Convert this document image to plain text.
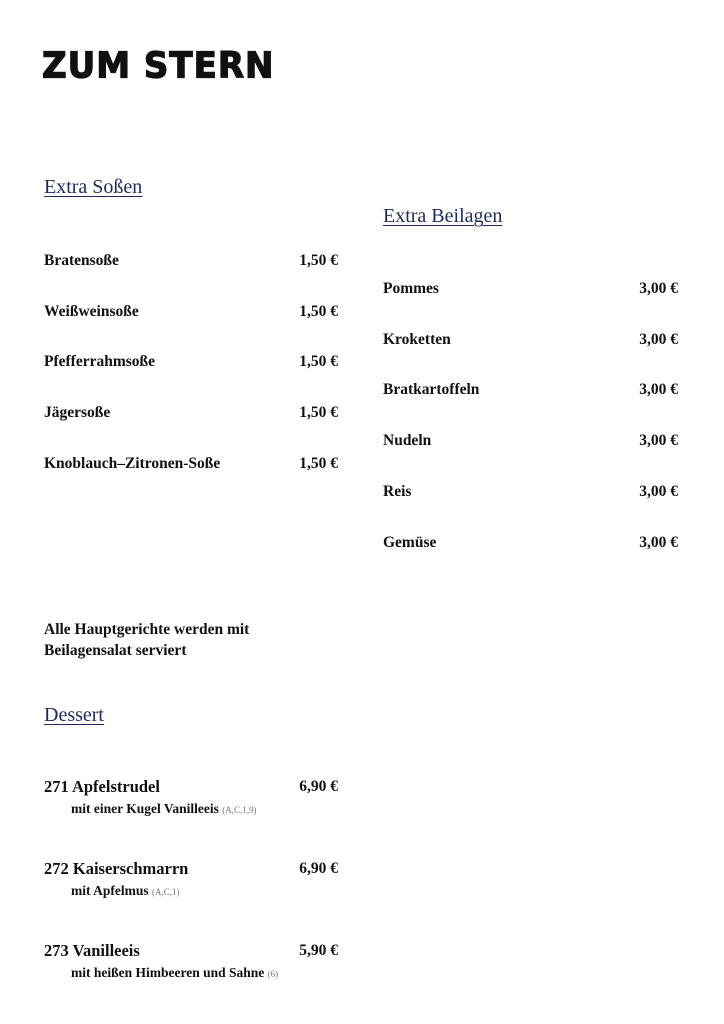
ZUM STERN
Extra Soßen
Bratensoße	1,50 €
Weißweinsoße	1,50 €
Pfefferrahmsoße	1,50 €
Jägersoße	1,50 €
Knoblauch–Zitronen-Soße	1,50 €
Extra Beilagen
Pommes	3,00 €
Kroketten	3,00 €
Bratkartoffeln	3,00 €
Nudeln	3,00 €
Reis	3,00 €
Gemüse	3,00 €
Alle Hauptgerichte werden mit
Beilagensalat serviert
Dessert
271 Apfelstrudel	6,90 €
mit einer Kugel Vanilleeis (A,C,1,9)
272 Kaiserschmarrn	6,90 €
mit Apfelmus (A,C,1)
273 Vanilleeis	5,90 €
mit heißen Himbeeren und Sahne (6)
